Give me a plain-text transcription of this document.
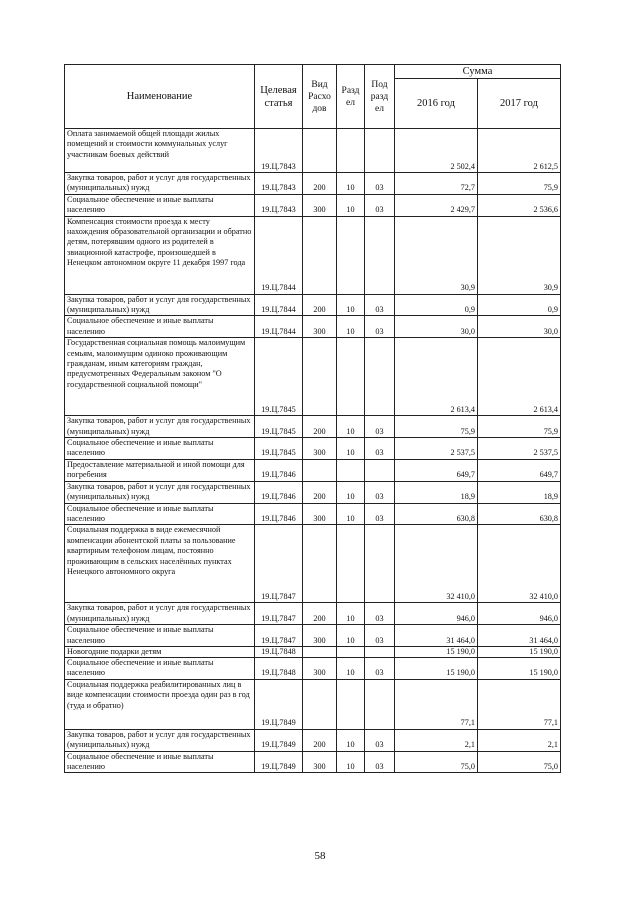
Наименование	Целевая статья	Вид Расхо дов	Разд ел	Под разд ел	Сумма	
					2016 год	2017 год
Оплата занимаемой общей площади жилых помещений и стоимости коммунальных услуг участникам боевых действий	19.Ц.7843				2 502,4	2 612,5
Закупка товаров, работ и услуг для государственных (муниципальных) нужд	19.Ц.7843	200	10	03	72,7	75,9
Социальное обеспечение и иные выплаты населению	19.Ц.7843	300	10	03	2 429,7	2 536,6
Компенсация стоимости проезда к месту нахождения образовательной организации и обратно детям, потерявшим одного из родителей в звиационной катастрофе, произошедшей в Ненецком автономном округе 11 декабря 1997 года	19.Ц.7844				30,9	30,9
Закупка товаров, работ и услуг для государственных (муниципальных) нужд	19.Ц.7844	200	10	03	0,9	0,9
Социальное обеспечение и иные выплаты населению	19.Ц.7844	300	10	03	30,0	30,0
Государственная социальная помощь малоимущим семьям, малоимущим одиноко проживающим гражданам, иным категориям граждан, предусмотренных Федеральным законом "О государственной социальной помощи"	19.Ц.7845				2 613,4	2 613,4
Закупка товаров, работ и услуг для государственных (муниципальных) нужд	19.Ц.7845	200	10	03	75,9	75,9
Социальное обеспечение и иные выплаты населению	19.Ц.7845	300	10	03	2 537,5	2 537,5
Предоставление материальной и иной помощи для погребения	19.Ц.7846				649,7	649,7
Закупка товаров, работ и услуг для государственных (муниципальных) нужд	19.Ц.7846	200	10	03	18,9	18,9
Социальное обеспечение и иные выплаты населению	19.Ц.7846	300	10	03	630,8	630,8
Социальная поддержка в виде ежемесячной компенсации абонентской платы за пользование квартирным телефоном лицам, постоянно проживающим в сельских населённых пунктах Ненецкого автономного округа	19.Ц.7847				32 410,0	32 410,0
Закупка товаров, работ и услуг для государственных (муниципальных) нужд	19.Ц.7847	200	10	03	946,0	946,0
Социальное обеспечение и иные выплаты населению	19.Ц.7847	300	10	03	31 464,0	31 464,0
Новогодние подарки детям	19.Ц.7848				15 190,0	15 190,0
Социальное обеспечение и иные выплаты населению	19.Ц.7848	300	10	03	15 190,0	15 190,0
Социальная поддержка реабилитированных лиц в виде компенсации стоимости проезда один раз в год (туда и обратно)	19.Ц.7849				77,1	77,1
Закупка товаров, работ и услуг для государственных (муниципальных) нужд	19.Ц.7849	200	10	03	2,1	2,1
Социальное обеспечение и иные выплаты населению	19.Ц.7849	300	10	03	75,0	75,0
58
